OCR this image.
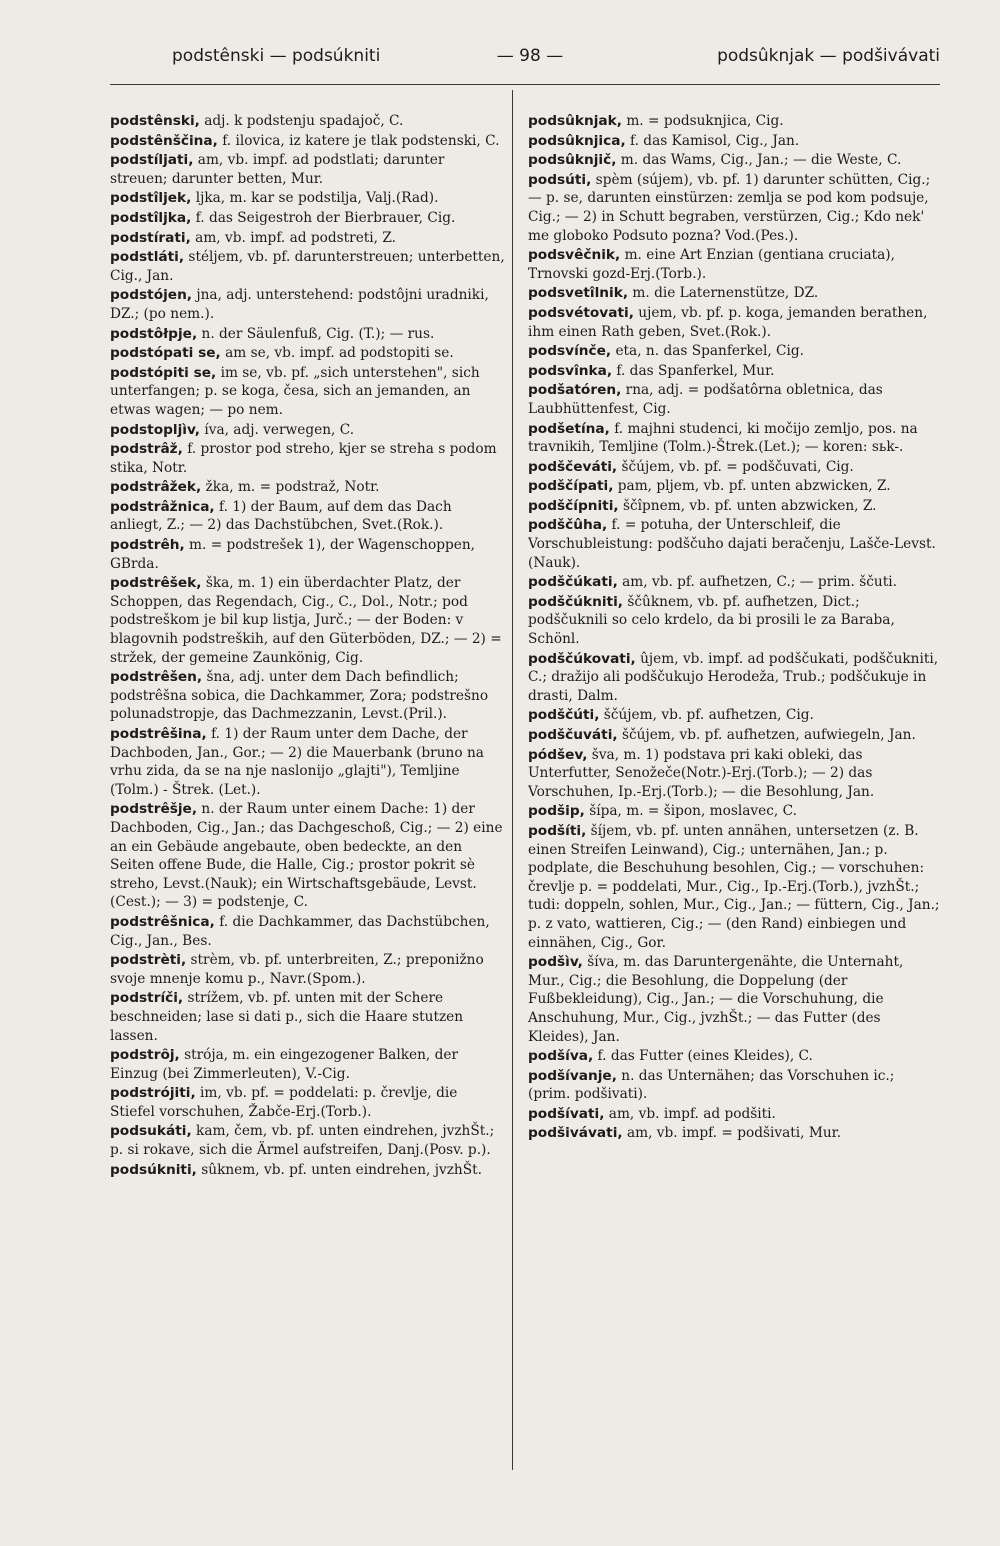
podstênski — podsúkniti	— 98 —	podsûknjak — podšivávati
podstênski, adj. k podstenju spadajoč, C.
podstênščina, f. ilovica, iz katere je tlak podstenski, C.
podstíljati, am, vb. impf. ad podstlati; darunter streuen; darunter betten, Mur.
podstîljek, ljka, m. kar se podstilja, Valj.(Rad).
podstîljka, f. das Seigestroh der Bierbrauer, Cig.
podstírati, am, vb. impf. ad podstreti, Z.
podstláti, stéljem, vb. pf. darunterstreuen; unterbetten, Cig., Jan.
podstójen, jna, adj. unterstehend: podstôjni uradniki, DZ.; (po nem.).
podstôłpje, n. der Säulenfuß, Cig. (T.); — rus.
podstópati se, am se, vb. impf. ad podstopiti se.
podstópiti se, im se, vb. pf. „sich unterstehen", sich unterfangen; p. se koga, česa, sich an jemanden, an etwas wagen; — po nem.
podstopljìv, íva, adj. verwegen, C.
podstrâž, f. prostor pod streho, kjer se streha s podom stika, Notr.
podstrâžek, žka, m. = podstraž, Notr.
podstrâžnica, f. 1) der Baum, auf dem das Dach anliegt, Z.; — 2) das Dachstübchen, Svet.(Rok.).
podstrêh, m. = podstrešek 1), der Wagenschoppen, GBrda.
podstrêšek, ška, m. 1) ein überdachter Platz, der Schoppen, das Regendach, Cig., C., Dol., Notr.; pod podstreškom je bil kup listja, Jurč.; — der Boden: v blagovnih podstreških, auf den Güterböden, DZ.; — 2) = stržek, der gemeine Zaunkönig, Cig.
podstrêšen, šna, adj. unter dem Dach befindlich; podstrêšna sobica, die Dachkammer, Zora; podstrešno polunadstropje, das Dachmezzanin, Levst.(Pril.).
podstrêšina, f. 1) der Raum unter dem Dache, der Dachboden, Jan., Gor.; — 2) die Mauerbank (bruno na vrhu zida, da se na nje naslonijo „glajti"), Temljine (Tolm.) - Štrek. (Let.).
podstrêšje, n. der Raum unter einem Dache: 1) der Dachboden, Cig., Jan.; das Dachgeschoß, Cig.; — 2) eine an ein Gebäude angebaute, oben bedeckte, an den Seiten offene Bude, die Halle, Cig.; prostor pokrit sè streho, Levst.(Nauk); ein Wirtschaftsgebäude, Levst.(Cest.); — 3) = podstenje, C.
podstrêšnica, f. die Dachkammer, das Dachstübchen, Cig., Jan., Bes.
podstrèti, strèm, vb. pf. unterbreiten, Z.; preponižno svoje mnenje komu p., Navr.(Spom.).
podstríči, strížem, vb. pf. unten mit der Schere beschneiden; lase si dati p., sich die Haare stutzen lassen.
podstrȏj, strója, m. ein eingezogener Balken, der Einzug (bei Zimmerleuten), V.-Cig.
podstrójiti, im, vb. pf. = poddelati: p. črevlje, die Stiefel vorschuhen, Žabče-Erj.(Torb.).
podsukáti, kam, čem, vb. pf. unten eindrehen, jvzhŠt.; p. si rokave, sich die Ärmel aufstreifen, Danj.(Posv. p.).
podsúkniti, sûknem, vb. pf. unten eindrehen, jvzhŠt.
podsûknjak, m. = podsuknjica, Cig.
podsûknjica, f. das Kamisol, Cig., Jan.
podsûknjič, m. das Wams, Cig., Jan.; — die Weste, C.
podsúti, spèm (sújem), vb. pf. 1) darunter schütten, Cig.; — p. se, darunten einstürzen: zemlja se pod kom podsuje, Cig.; — 2) in Schutt begraben, verstürzen, Cig.; Kdo nek' me globoko Podsuto pozna? Vod.(Pes.).
podsvêčnik, m. eine Art Enzian (gentiana cruciata), Trnovski gozd-Erj.(Torb.).
podsvetîlnik, m. die Laternenstütze, DZ.
podsvétovati, ujem, vb. pf. p. koga, jemanden berathen, ihm einen Rath geben, Svet.(Rok.).
podsvínče, eta, n. das Spanferkel, Cig.
podsvînka, f. das Spanferkel, Mur.
podšatóren, rna, adj. = podšatôrna obletnica, das Laubhüttenfest, Cig.
podšetína, f. majhni studenci, ki močijo zemljo, pos. na travnikih, Temljine (Tolm.)-Štrek.(Let.); — koren: sьk-.
podščeváti, ščújem, vb. pf. = podščuvati, Cig.
podščípati, pam, pljem, vb. pf. unten abzwicken, Z.
podščípniti, ščîpnem, vb. pf. unten abzwicken, Z.
podščûha, f. = potuha, der Unterschleif, die Vorschubleistung: podščuho dajati beračenju, Lašče-Levst.(Nauk).
podščúkati, am, vb. pf. aufhetzen, C.; — prim. ščuti.
podščúkniti, ščûknem, vb. pf. aufhetzen, Dict.; podščuknili so celo krdelo, da bi prosili le za Baraba, Schönl.
podščúkovati, ûjem, vb. impf. ad podščukati, podščukniti, C.; dražijo ali podščukujo Herodeža, Trub.; podščukuje in drasti, Dalm.
podščúti, ščújem, vb. pf. aufhetzen, Cig.
podščuváti, ščújem, vb. pf. aufhetzen, aufwiegeln, Jan.
pódšev, šva, m. 1) podstava pri kaki obleki, das Unterfutter, Senožeče(Notr.)-Erj.(Torb.); — 2) das Vorschuhen, Ip.-Erj.(Torb.); — die Besohlung, Jan.
podšip, šípa, m. = šipon, moslavec, C.
podšíti, šíjem, vb. pf. unten annähen, untersetzen (z. B. einen Streifen Leinwand), Cig.; unternähen, Jan.; p. podplate, die Beschuhung besohlen, Cig.; — vorschuhen: črevlje p. = poddelati, Mur., Cig., Ip.-Erj.(Torb.), jvzhŠt.; tudi: doppeln, sohlen, Mur., Cig., Jan.; — füttern, Cig., Jan.; p. z vato, wattieren, Cig.; — (den Rand) einbiegen und einnähen, Cig., Gor.
podšìv, šíva, m. das Daruntergenähte, die Unternaht, Mur., Cig.; die Besohlung, die Doppelung (der Fußbekleidung), Cig., Jan.; — die Vorschuhung, die Anschuhung, Mur., Cig., jvzhŠt.; — das Futter (des Kleides), Jan.
podšíva, f. das Futter (eines Kleides), C.
podšívanje, n. das Unternähen; das Vorschuhen ic.; (prim. podšivati).
podšívati, am, vb. impf. ad podšiti.
podšivávati, am, vb. impf. = podšivati, Mur.
